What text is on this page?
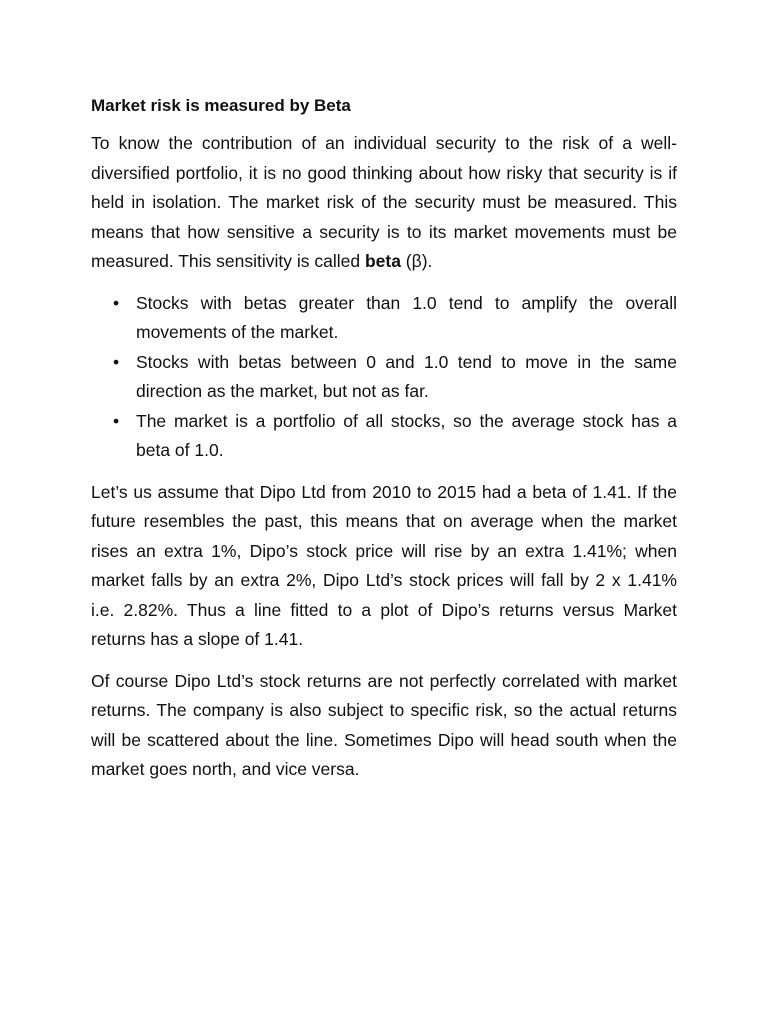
Market risk is measured by Beta

To know the contribution of an individual security to the risk of a well-diversified portfolio, it is no good thinking about how risky that security is if held in isolation. The market risk of the security must be measured. This means that how sensitive a security is to its market movements must be measured. This sensitivity is called beta (β).

• Stocks with betas greater than 1.0 tend to amplify the overall movements of the market.
• Stocks with betas between 0 and 1.0 tend to move in the same direction as the market, but not as far.
• The market is a portfolio of all stocks, so the average stock has a beta of 1.0.

Let’s us assume that Dipo Ltd from 2010 to 2015 had a beta of 1.41. If the future resembles the past, this means that on average when the market rises an extra 1%, Dipo’s stock price will rise by an extra 1.41%; when market falls by an extra 2%, Dipo Ltd’s stock prices will fall by 2 x 1.41% i.e. 2.82%. Thus a line fitted to a plot of Dipo’s returns versus Market returns has a slope of 1.41.

Of course Dipo Ltd’s stock returns are not perfectly correlated with market returns. The company is also subject to specific risk, so the actual returns will be scattered about the line. Sometimes Dipo will head south when the market goes north, and vice versa.
